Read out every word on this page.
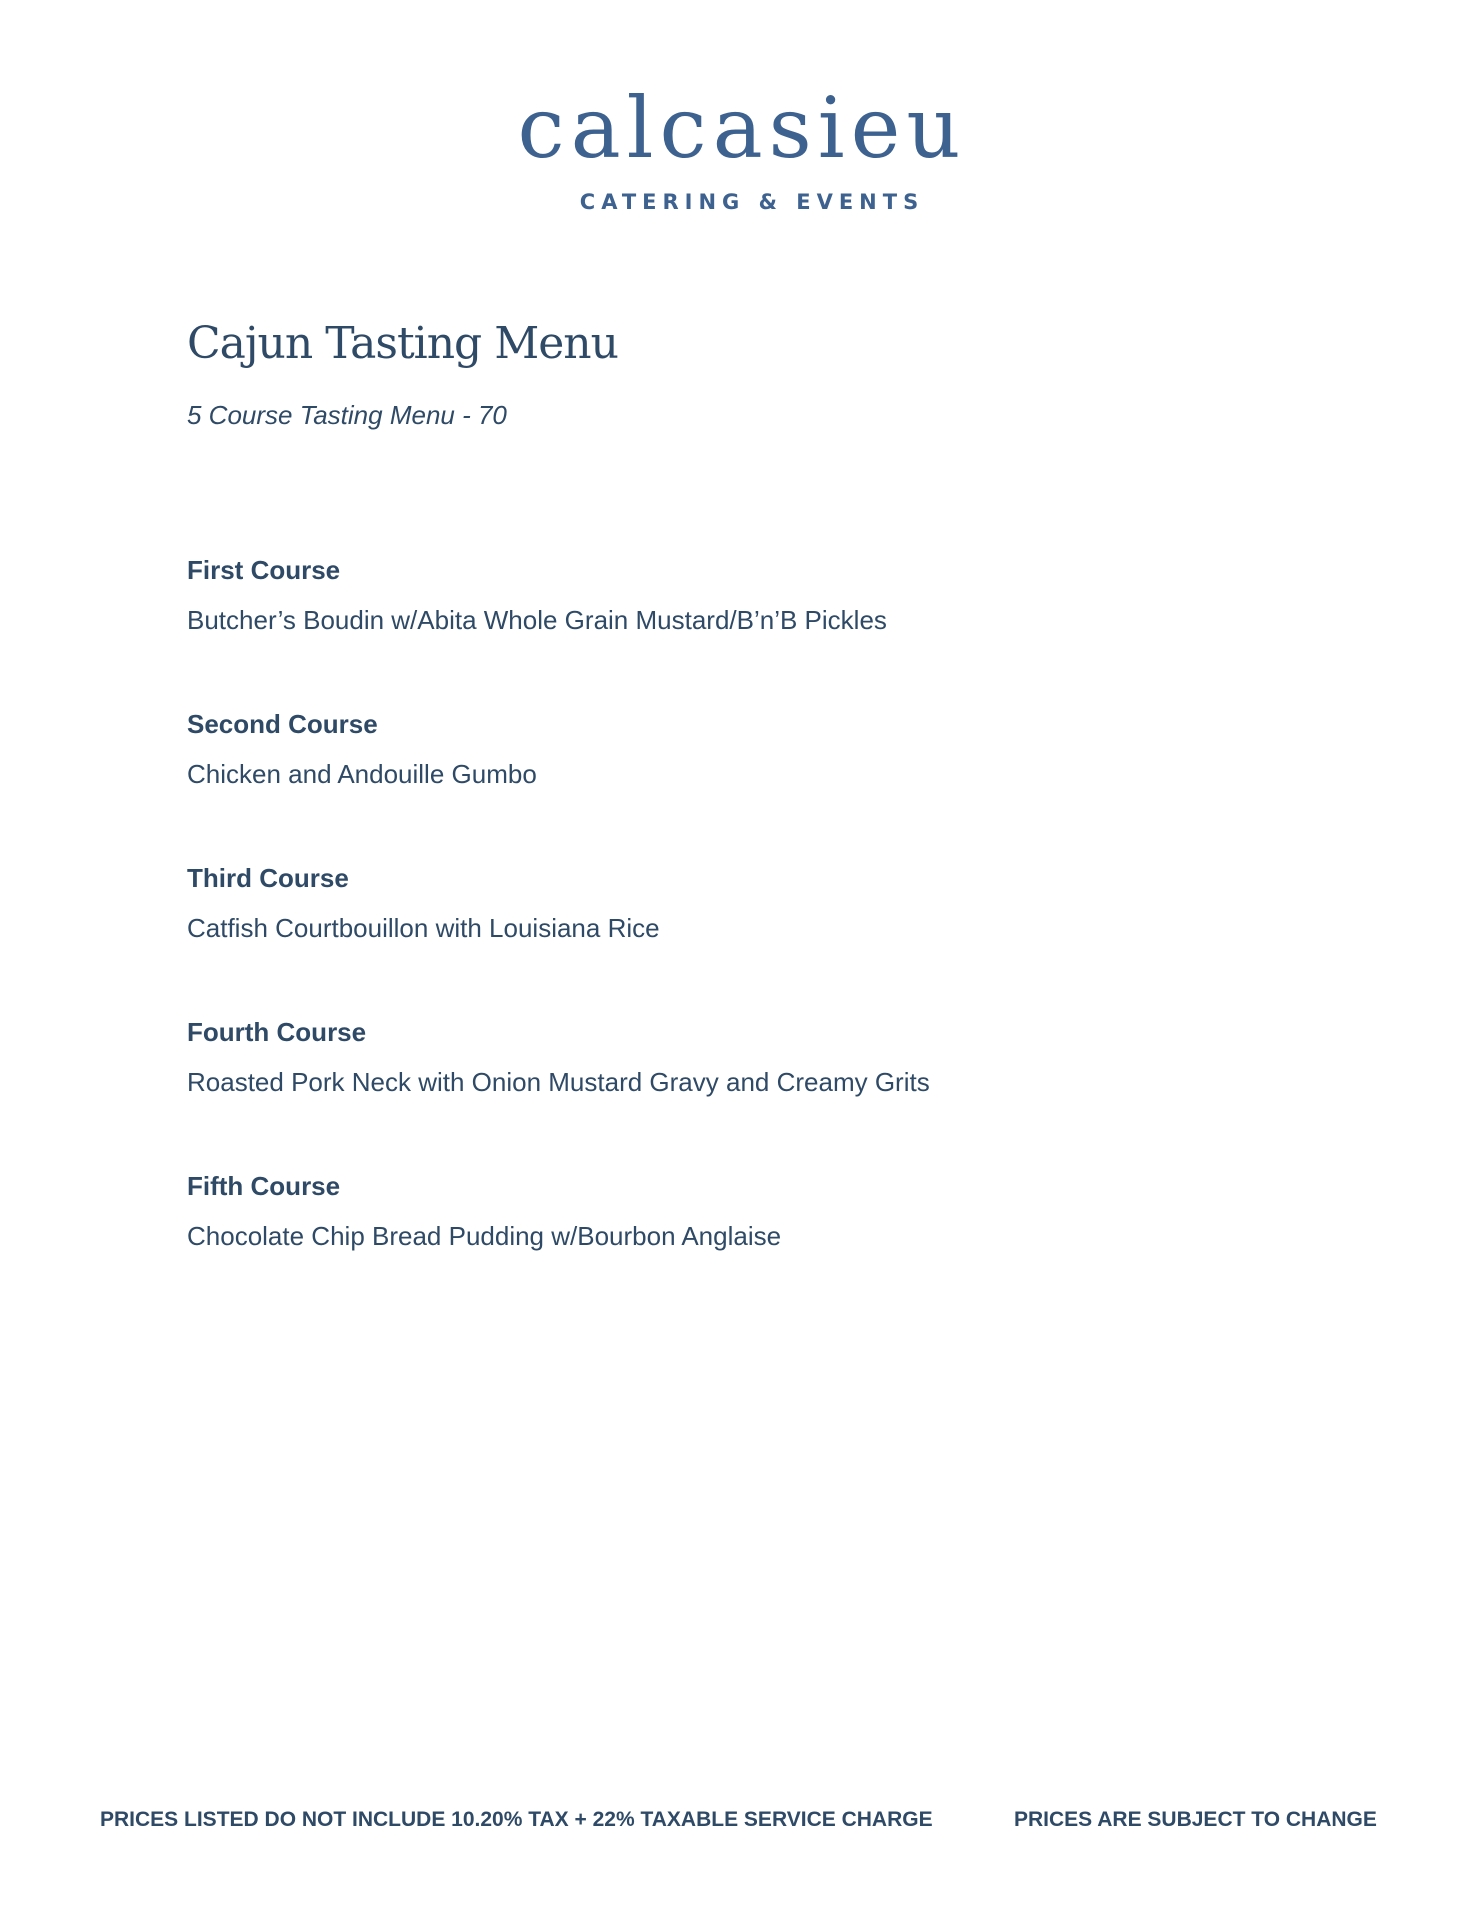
calcasieu
CATERING & EVENTS
Cajun Tasting Menu

5 Course Tasting Menu - 70

First Course
Butcher’s Boudin w/Abita Whole Grain Mustard/B’n’B Pickles
Second Course
Chicken and Andouille Gumbo
Third Course
Catfish Courtbouillon with Louisiana Rice
Fourth Course
Roasted Pork Neck with Onion Mustard Gravy and Creamy Grits
Fifth Course
Chocolate Chip Bread Pudding w/Bourbon Anglaise
PRICES LISTED DO NOT INCLUDE 10.20% TAX + 22% TAXABLE SERVICE CHARGE	PRICES ARE SUBJECT TO CHANGE
